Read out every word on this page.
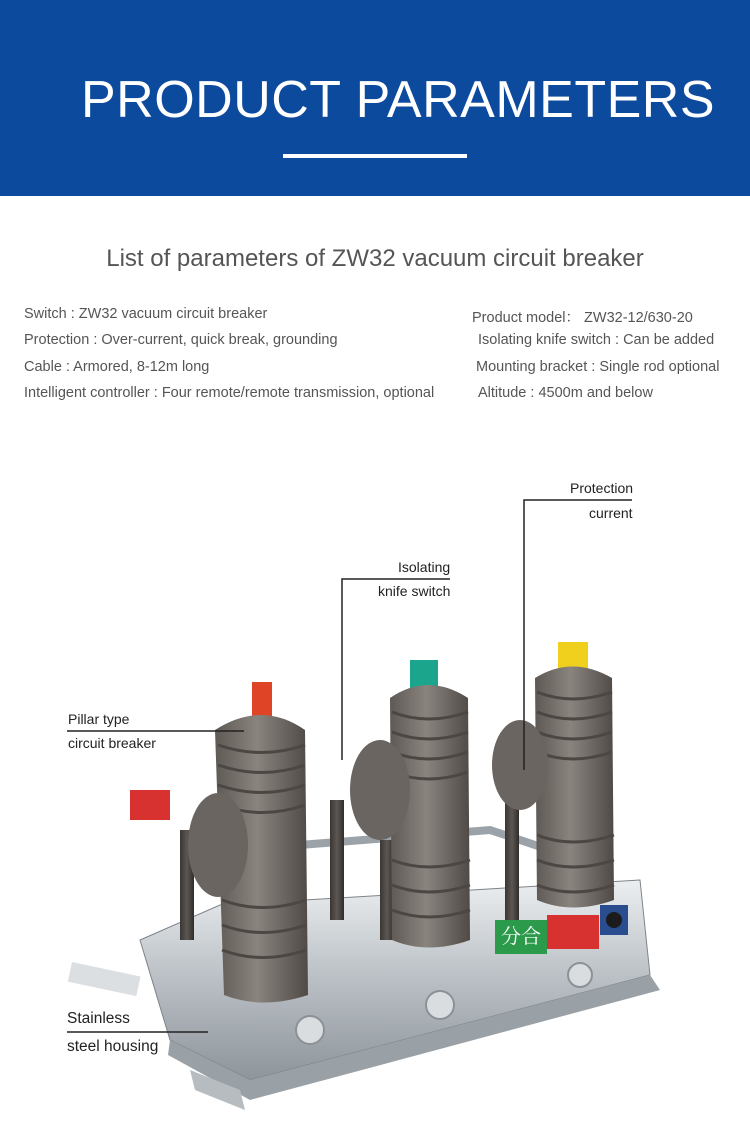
PRODUCT PARAMETERS
List of parameters of ZW32 vacuum circuit breaker
Switch : ZW32 vacuum circuit breaker
Protection : Over-current, quick break, grounding
Cable : Armored, 8-12m long
Intelligent controller : Four remote/remote transmission, optional
Product model： ZW32-12/630-20
Isolating knife switch : Can be added
Mounting bracket : Single rod optional
Altitude : 4500m and below
分合
Protection
current
Isolating
knife switch
Pillar type
circuit breaker
Stainless
steel housing
